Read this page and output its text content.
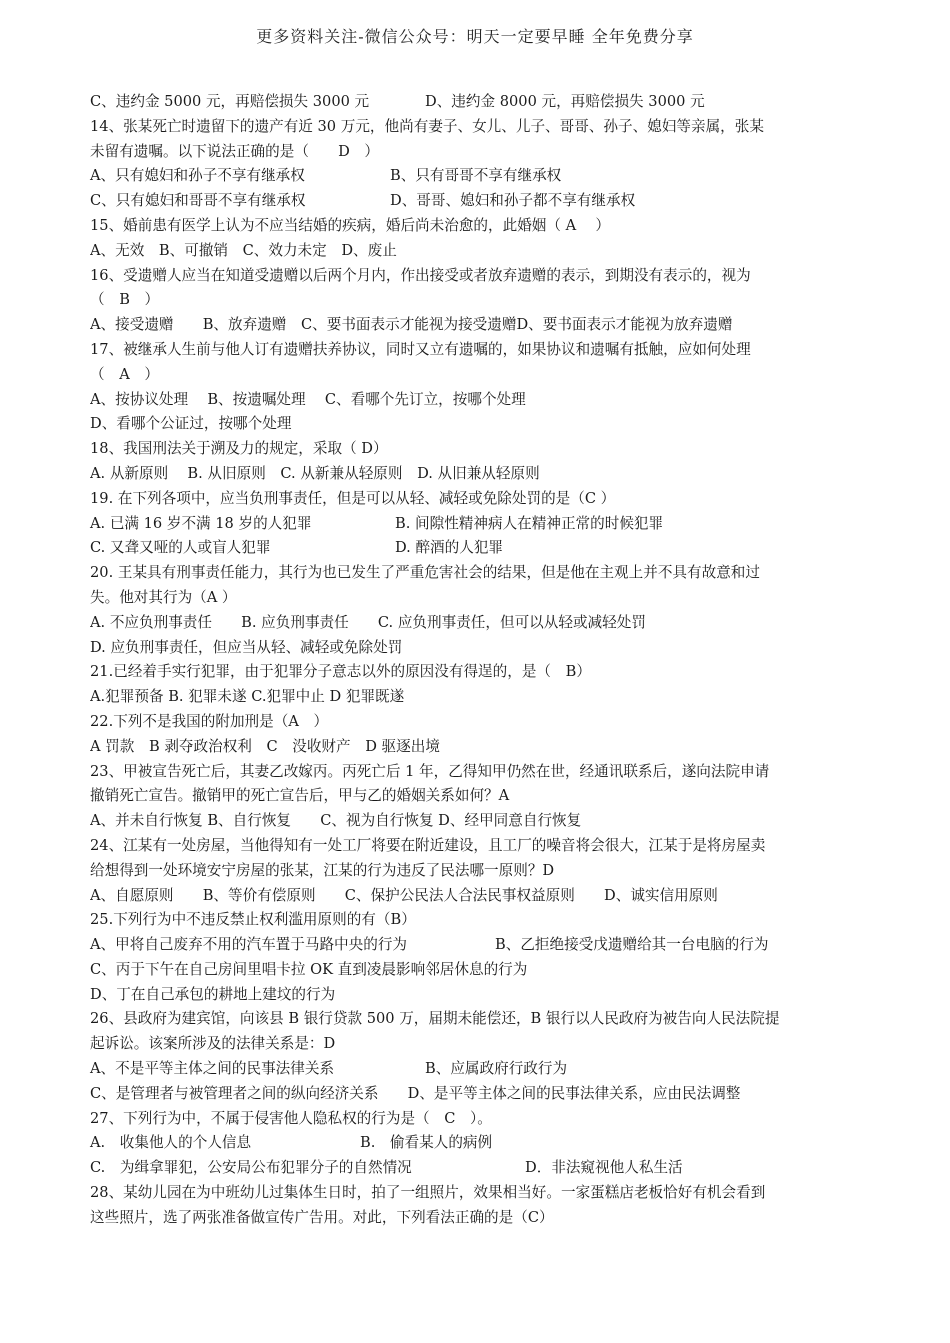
更多资料关注-微信公众号：明天一定要早睡 全年免费分享
C、违约金 5000 元，再赔偿损失 3000 元	D、违约金 8000 元，再赔偿损失 3000 元
14、张某死亡时遗留下的遗产有近 30 万元，他尚有妻子、女儿、儿子、哥哥、孙子、媳妇等亲属，张某
未留有遗嘱。以下说法正确的是（　　D　）
A、只有媳妇和孙子不享有继承权	B、只有哥哥不享有继承权
C、只有媳妇和哥哥不享有继承权	D、哥哥、媳妇和孙子都不享有继承权
15、婚前患有医学上认为不应当结婚的疾病，婚后尚未治愈的，此婚姻（ A　 ）
A、无效　B、可撤销　C、效力未定　D、废止
16、受遗赠人应当在知道受遗赠以后两个月内，作出接受或者放弃遗赠的表示，到期没有表示的，视为
（　B　）
A、接受遗赠　　B、放弃遗赠　C、要书面表示才能视为接受遗赠D、要书面表示才能视为放弃遗赠
17、被继承人生前与他人订有遗赠扶养协议，同时又立有遗嘱的，如果协议和遗嘱有抵触，应如何处理
（　A　）
A、按协议处理　 B、按遗嘱处理　 C、看哪个先订立，按哪个处理
D、看哪个公证过，按哪个处理
18、我国刑法关于溯及力的规定，采取（ D）
A. 从新原则　 B. 从旧原则　C. 从新兼从轻原则　D. 从旧兼从轻原则
19. 在下列各项中，应当负刑事责任，但是可以从轻、减轻或免除处罚的是（C ）
A. 已满 16 岁不满 18 岁的人犯罪	B. 间隙性精神病人在精神正常的时候犯罪
C. 又聋又哑的人或盲人犯罪	D. 醉酒的人犯罪
20. 王某具有刑事责任能力，其行为也已发生了严重危害社会的结果，但是他在主观上并不具有故意和过
失。他对其行为（A ）
A. 不应负刑事责任　　B. 应负刑事责任　　C. 应负刑事责任，但可以从轻或减轻处罚
D. 应负刑事责任，但应当从轻、减轻或免除处罚
21.已经着手实行犯罪，由于犯罪分子意志以外的原因没有得逞的，是（　B）
A.犯罪预备 B. 犯罪未遂 C.犯罪中止 D 犯罪既遂
22.下列不是我国的附加刑是（A　）
A 罚款　B 剥夺政治权利　C　没收财产　D 驱逐出境
23、甲被宣告死亡后，其妻乙改嫁丙。丙死亡后 1 年，乙得知甲仍然在世，经通讯联系后，遂向法院申请
撤销死亡宣告。撤销甲的死亡宣告后，甲与乙的婚姻关系如何？A
A、并未自行恢复 B、自行恢复　　C、视为自行恢复 D、经甲同意自行恢复
24、江某有一处房屋，当他得知有一处工厂将要在附近建设，且工厂的噪音将会很大，江某于是将房屋卖
给想得到一处环境安宁房屋的张某，江某的行为违反了民法哪一原则？D
A、自愿原则　　B、等价有偿原则　　C、保护公民法人合法民事权益原则　　D、诚实信用原则
25.下列行为中不违反禁止权利滥用原则的有（B）
A、甲将自己废弃不用的汽车置于马路中央的行为	B、乙拒绝接受戊遗赠给其一台电脑的行为
C、丙于下午在自己房间里唱卡拉 OK 直到凌晨影响邻居休息的行为
D、丁在自己承包的耕地上建坟的行为
26、县政府为建宾馆，向该县 B 银行贷款 500 万，届期未能偿还，B 银行以人民政府为被告向人民法院提
起诉讼。该案所涉及的法律关系是：D
A、不是平等主体之间的民事法律关系	B、应属政府行政行为
C、是管理者与被管理者之间的纵向经济关系　　D、是平等主体之间的民事法律关系，应由民法调整
27、下列行为中，不属于侵害他人隐私权的行为是（　C　）。
A.　收集他人的个人信息	B.　偷看某人的病例
C.　为缉拿罪犯，公安局公布犯罪分子的自然情况	D．非法窥视他人私生活
28、某幼儿园在为中班幼儿过集体生日时，拍了一组照片，效果相当好。一家蛋糕店老板恰好有机会看到
这些照片，选了两张准备做宣传广告用。对此，下列看法正确的是（C）
